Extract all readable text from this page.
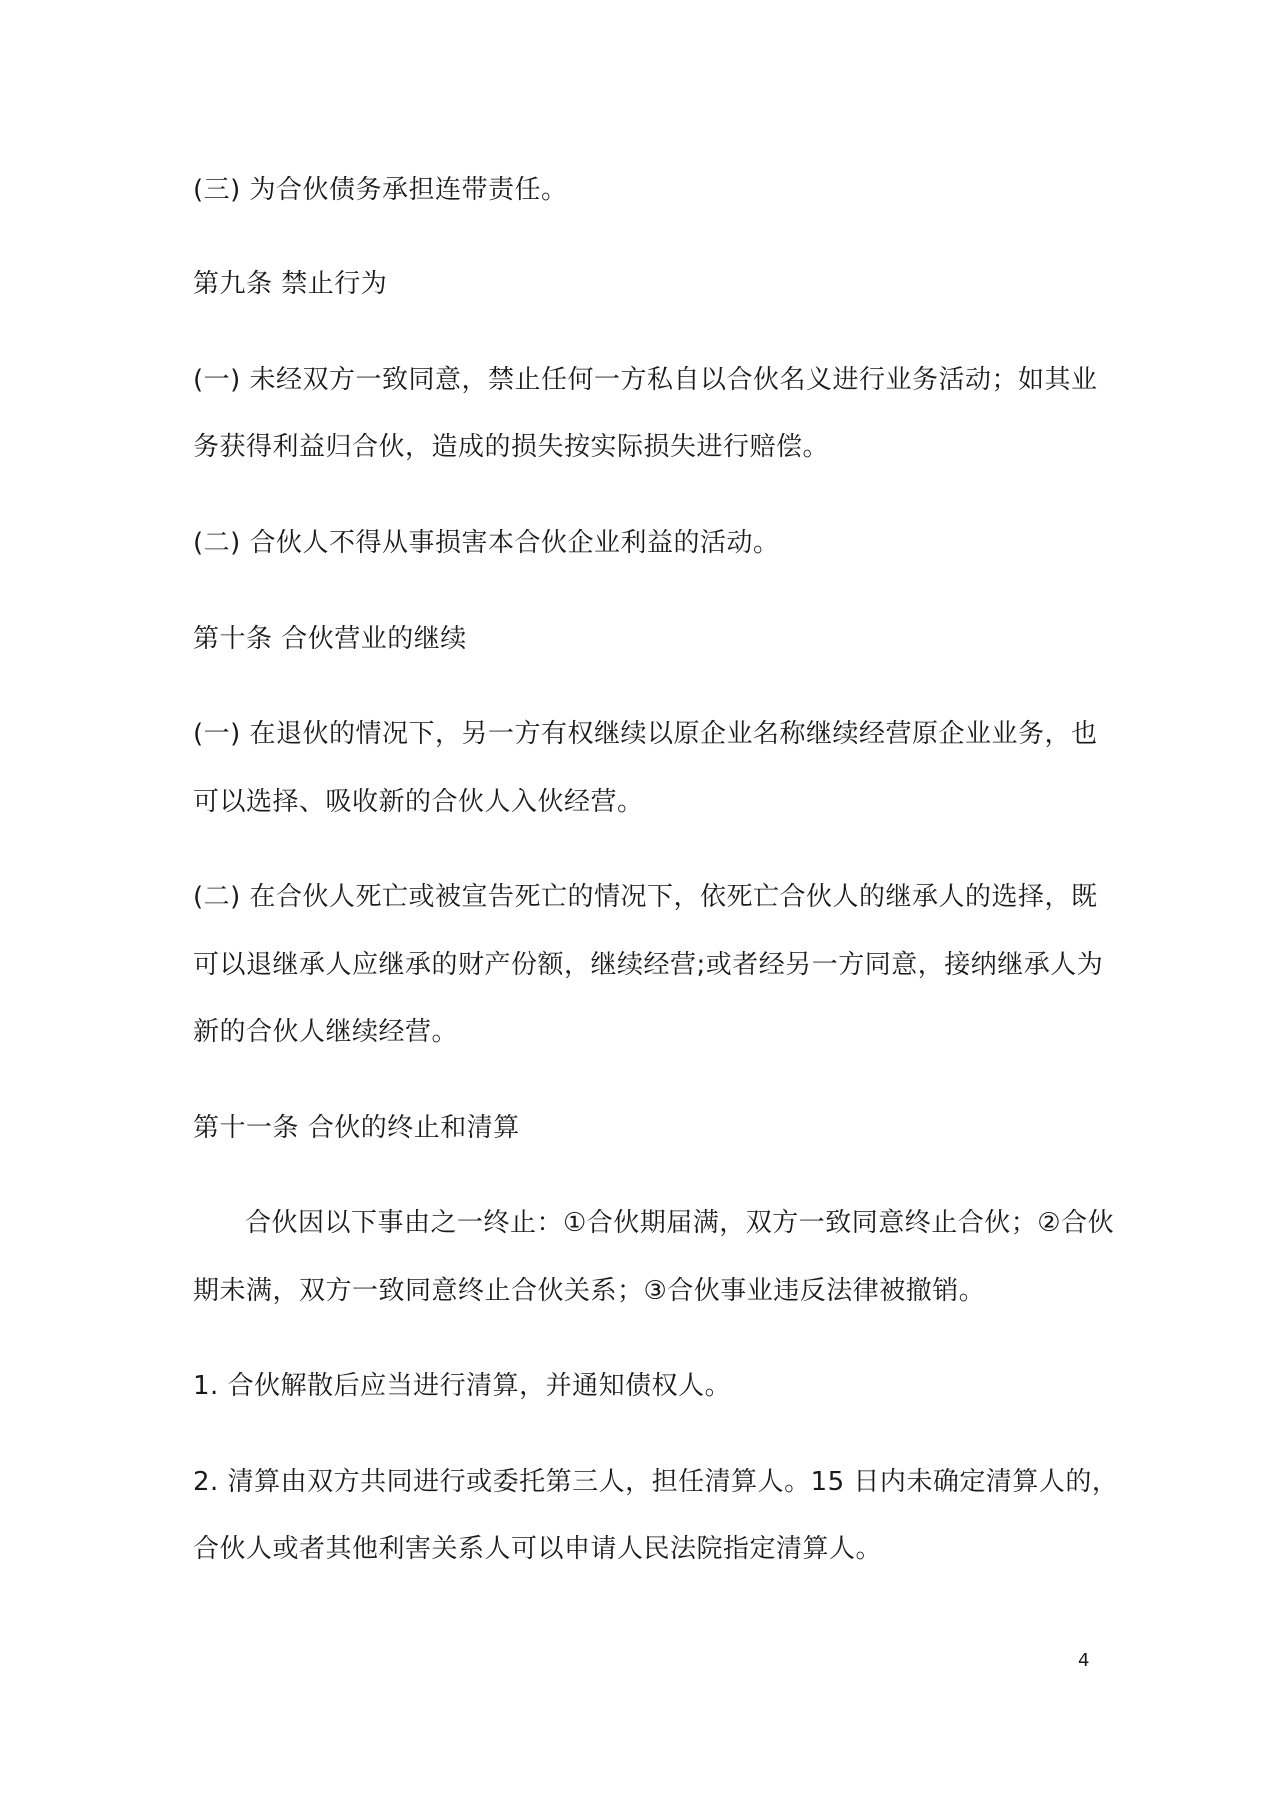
(三) 为合伙债务承担连带责任。

第九条 禁止行为

(一) 未经双方一致同意，禁止任何一方私自以合伙名义进行业务活动；如其业

务获得利益归合伙，造成的损失按实际损失进行赔偿。

(二) 合伙人不得从事损害本合伙企业利益的活动。

第十条 合伙营业的继续

(一) 在退伙的情况下，另一方有权继续以原企业名称继续经营原企业业务，也

可以选择、吸收新的合伙人入伙经营。

(二) 在合伙人死亡或被宣告死亡的情况下，依死亡合伙人的继承人的选择，既

可以退继承人应继承的财产份额，继续经营;或者经另一方同意，接纳继承人为

新的合伙人继续经营。

第十一条 合伙的终止和清算

合伙因以下事由之一终止：①合伙期届满，双方一致同意终止合伙；②合伙

期未满，双方一致同意终止合伙关系；③合伙事业违反法律被撤销。

1. 合伙解散后应当进行清算，并通知债权人。

2. 清算由双方共同进行或委托第三人，担任清算人。15 日内未确定清算人的，

合伙人或者其他利害关系人可以申请人民法院指定清算人。

4
